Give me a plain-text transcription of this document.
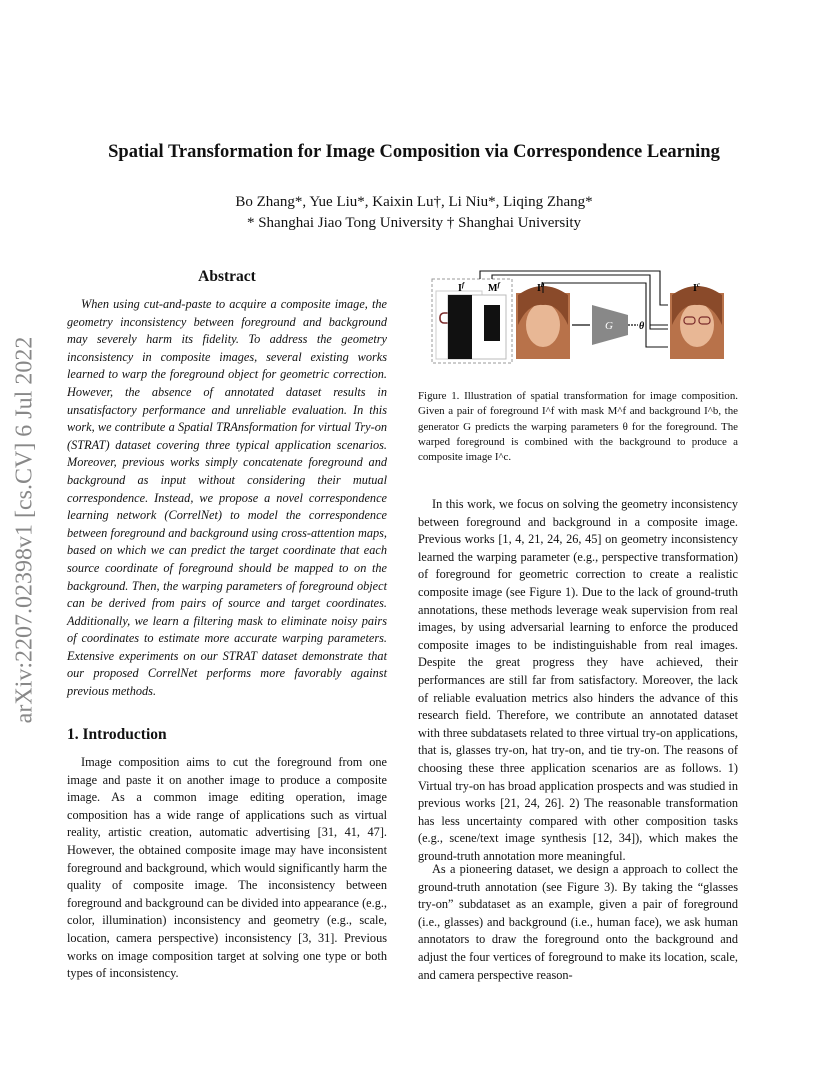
Spatial Transformation for Image Composition via Correspondence Learning
Bo Zhang*, Yue Liu*, Kaixin Lu†, Li Niu*, Liqing Zhang*
* Shanghai Jiao Tong University † Shanghai University
arXiv:2207.02398v1 [cs.CV] 6 Jul 2022
Abstract

When using cut-and-paste to acquire a composite image, the geometry inconsistency between foreground and background may severely harm its fidelity. To address the geometry inconsistency in composite images, several existing works learned to warp the foreground object for geometric correction. However, the absence of annotated dataset results in unsatisfactory performance and unreliable evaluation. In this work, we contribute a Spatial TRAnsformation for virtual Try-on (STRAT) dataset covering three typical application scenarios. Moreover, previous works simply concatenate foreground and background as input without considering their mutual correspondence. Instead, we propose a novel correspondence learning network (CorrelNet) to model the correspondence between foreground and background using cross-attention maps, based on which we can predict the target coordinate that each source coordinate of foreground should be mapped to on the background. Then, the warping parameters of foreground object can be derived from pairs of source and target coordinates. Additionally, we learn a filtering mask to eliminate noisy pairs of coordinates to estimate more accurate warping parameters. Extensive experiments on our STRAT dataset demonstrate that our proposed CorrelNet performs more favorably against previous methods.

1. Introduction

Image composition aims to cut the foreground from one image and paste it on another image to produce a composite image. As a common image editing operation, image composition has a wide range of applications such as virtual reality, artistic creation, automatic advertising [31, 41, 47]. However, the obtained composite image may have inconsistent foreground and background, which would significantly harm the quality of composite image. The inconsistency between foreground and background can be divided into appearance (e.g., color, illumination) inconsistency and geometry (e.g., scale, location, camera perspective) inconsistency [3, 31]. Previous works on image composition target at solving one type or both types of inconsistency.

$I^f$ $M^f$	$I^b$
G	θ
$I^c$

Figure 1. Illustration of spatial transformation for image composition. Given a pair of foreground I^f with mask M^f and background I^b, the generator G predicts the warping parameters θ for the foreground. The warped foreground is combined with the background to produce a composite image I^c.

In this work, we focus on solving the geometry inconsistency between foreground and background in a composite image. Previous works [1, 4, 21, 24, 26, 45] on geometry inconsistency learned the warping parameter (e.g., perspective transformation) of foreground for geometric correction to create a realistic composite image (see Figure 1). Due to the lack of ground-truth annotations, these methods leverage weak supervision from real images, by using adversarial learning to enforce the produced composite images to be indistinguishable from real images. Despite the great progress they have achieved, their performances are still far from satisfactory. Moreover, the lack of reliable evaluation metrics also hinders the advance of this research field. Therefore, we contribute an annotated dataset with three subdatasets related to three virtual try-on applications, that is, glasses try-on, hat try-on, and tie try-on. The reasons of choosing these three application scenarios are as follows. 1) Virtual try-on has broad application prospects and was studied in previous works [21, 24, 26]. 2) The reasonable transformation has less uncertainty compared with other composition tasks (e.g., scene/text image synthesis [12, 34]), which makes the ground-truth annotation more meaningful.

As a pioneering dataset, we design a approach to collect the ground-truth annotation (see Figure 3). By taking the “glasses try-on” subdataset as an example, given a pair of foreground (i.e., glasses) and background (i.e., human face), we ask human annotators to draw the foreground onto the background and adjust the four vertices of foreground to make its location, scale, and camera perspective reason-
